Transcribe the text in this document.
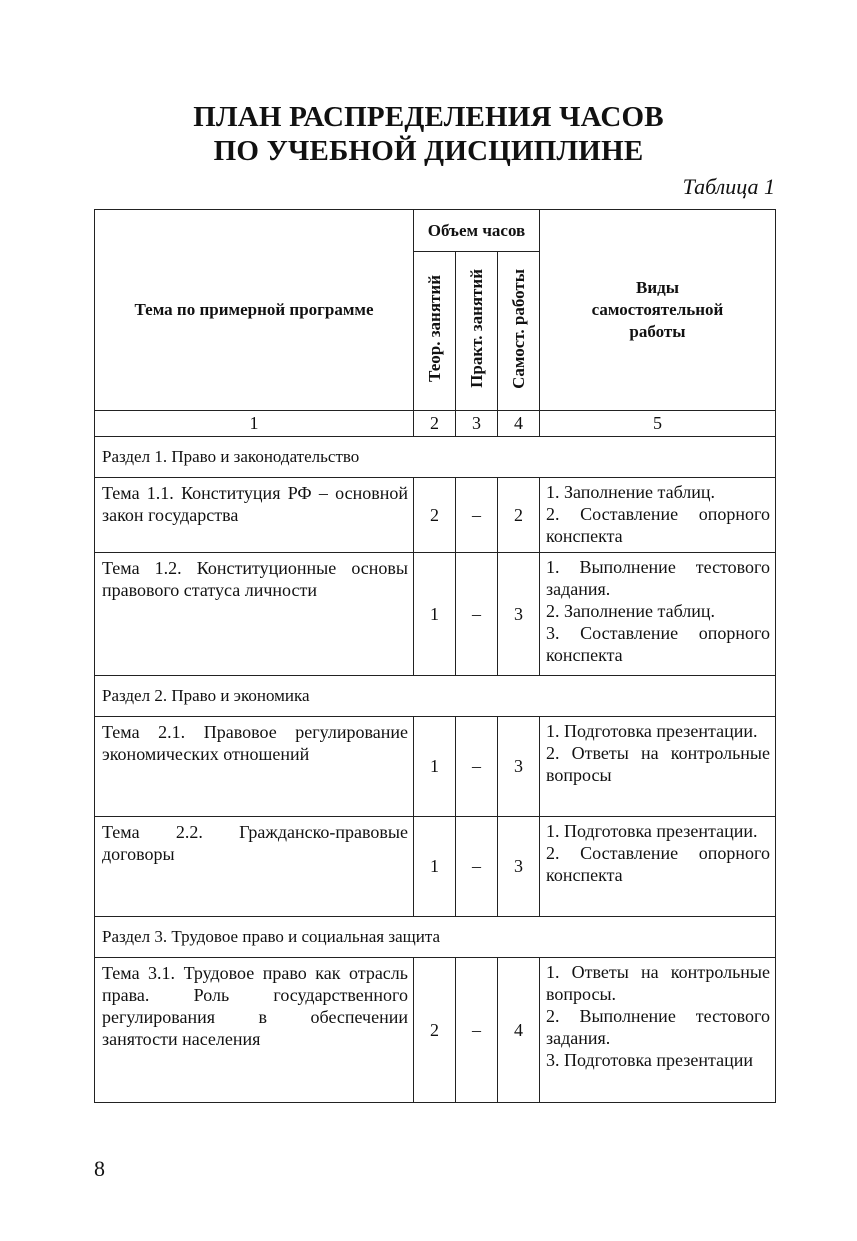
ПЛАН РАСПРЕДЕЛЕНИЯ ЧАСОВ
ПО УЧЕБНОЙ ДИСЦИПЛИНЕ
Таблица 1
Тема по примерной программе	Объем часов			Виды
самостоятельной
работы

	Теор. занятий	Практ. занятий	Самост. работы	
1	2	3	4	5
Раздел 1. Право и законодательство				
Тема 1.1. Конституция РФ – основной закон государства	2	–	2	1. Заполнение таблиц.
2. Составление опорного конспекта

Тема 1.2. Конституционные основы правового статуса личности	1	–	3	1. Выполнение тестового задания.
2. Заполнение таблиц.
3. Составление опорного конспекта

Раздел 2. Право и экономика				
Тема 2.1. Правовое регулирование экономических отношений	1	–	3	1. Подготовка презентации.
2. Ответы на контрольные вопросы

Тема 2.2. Гражданско-правовые договоры	1	–	3	1. Подготовка презентации.
2. Составление опорного конспекта

Раздел 3. Трудовое право и социальная защита				
Тема 3.1. Трудовое право как отрасль права. Роль государственного регулирования в обеспечении занятости населения	2	–	4	1. Ответы на контрольные вопросы.
2. Выполнение тестового задания.
3. Подготовка презентации
8
